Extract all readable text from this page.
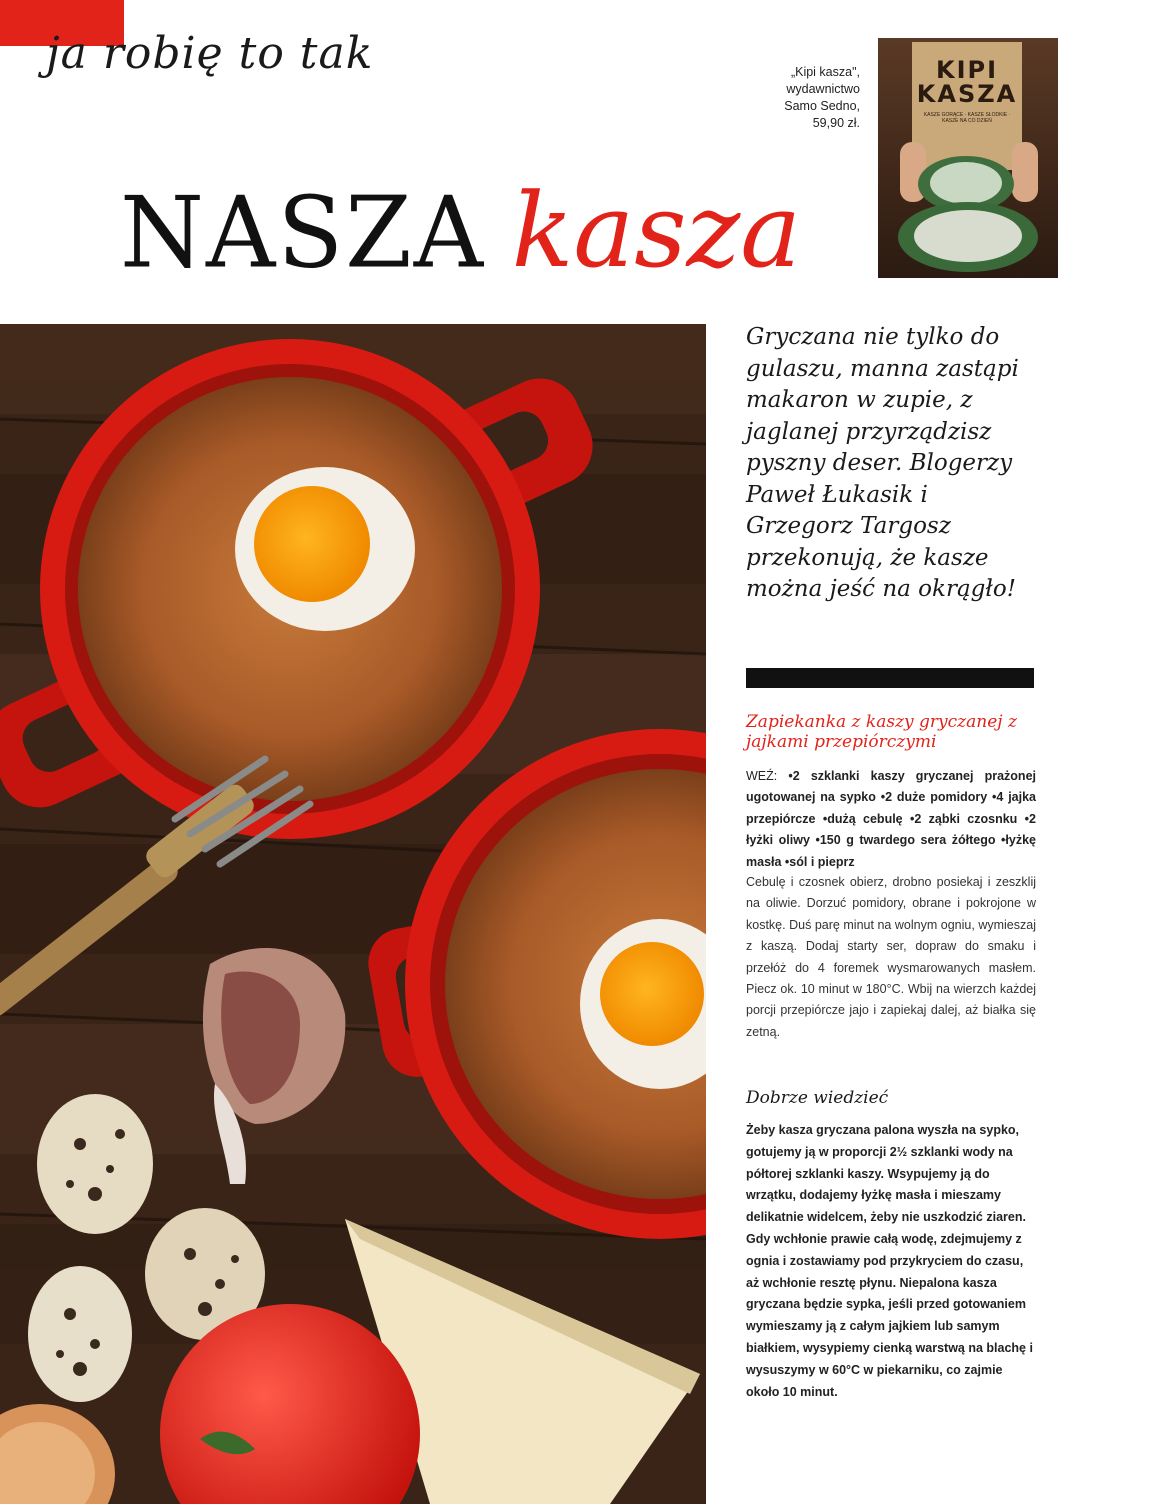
ja robię to tak	„Kipi kasza",
wydawnictwo
Samo Sedno,
59,90 zł.
KIPI
KASZA
KASZE GORĄCE · KASZE SŁODKIE · KASZE NA CO DZIEŃ
NASZA kasza
Gryczana nie tylko do gulaszu, manna zastąpi makaron w zupie, z jaglanej przyrządzisz pyszny deser. Blogerzy Paweł Łukasik i Grzegorz Targosz przekonują, że kasze można jeść na okrągło!
Zapiekanka z kaszy gryczanej z jajkami przepiórczymi
WEŹ: •2 szklanki kaszy gryczanej prażonej ugotowanej na sypko •2 duże pomidory •4 jajka przepiórcze •dużą cebulę •2 ząbki czosnku •2 łyżki oliwy •150 g twardego sera żółtego •łyżkę masła •sól i pieprz
Cebulę i czosnek obierz, drobno posiekaj i zeszklij na oliwie. Dorzuć pomidory, obrane i pokrojone w kostkę. Duś parę minut na wolnym ogniu, wymieszaj z kaszą. Dodaj starty ser, dopraw do smaku i przełóż do 4 foremek wysmarowanych masłem. Piecz ok. 10 minut w 180°C. Wbij na wierzch każdej porcji przepiórcze jajo i zapiekaj dalej, aż białka się zetną.
Dobrze wiedzieć
Żeby kasza gryczana palona wyszła na sypko, gotujemy ją w proporcji 2½ szklanki wody na półtorej szklanki kaszy. Wsypujemy ją do wrzątku, dodajemy łyżkę masła i mieszamy delikatnie widelcem, żeby nie uszkodzić ziaren. Gdy wchłonie prawie całą wodę, zdejmujemy z ognia i zostawiamy pod przykryciem do czasu, aż wchłonie resztę płynu. Niepalona kasza gryczana będzie sypka, jeśli przed gotowaniem wymieszamy ją z całym jajkiem lub samym białkiem, wysypiemy cienką warstwą na blachę i wysuszymy w 60°C w piekarniku, co zajmie około 10 minut.
